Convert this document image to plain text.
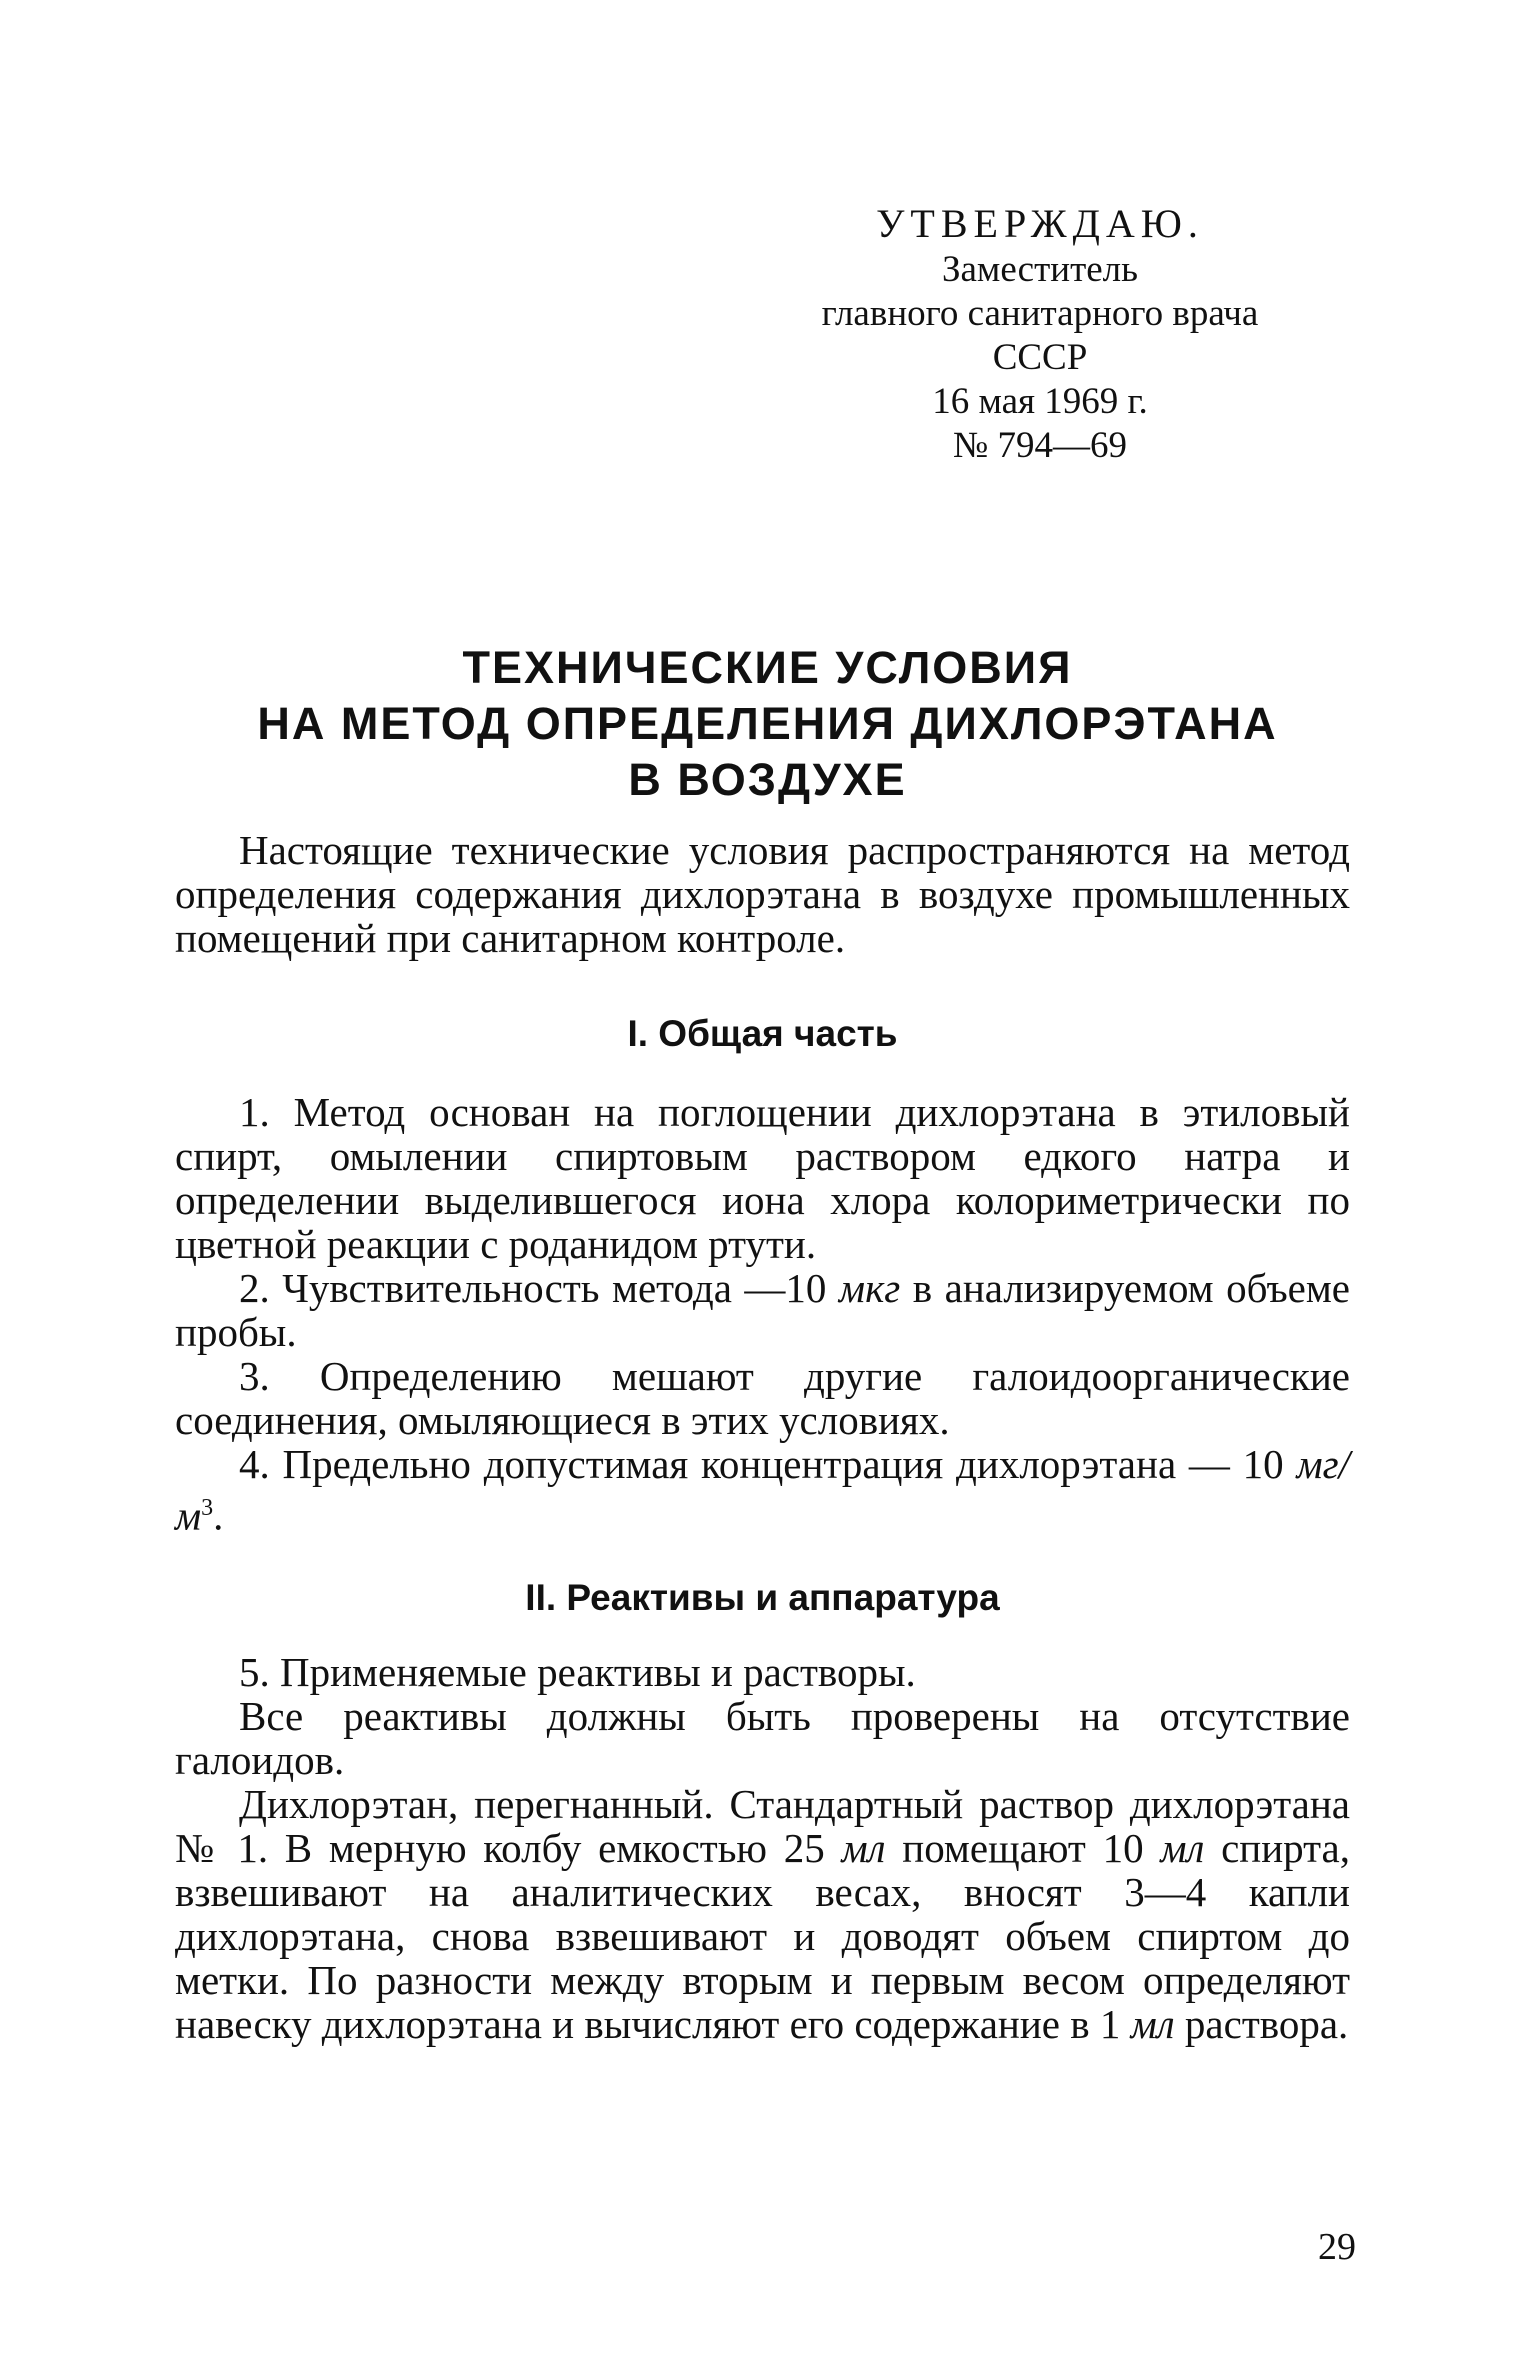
УТВЕРЖДАЮ.
Заместитель
главного санитарного врача
СССР
16 мая 1969 г.
№ 794—69
ТЕХНИЧЕСКИЕ УСЛОВИЯ
НА МЕТОД ОПРЕДЕЛЕНИЯ ДИХЛОРЭТАНА
В ВОЗДУХЕ

Настоящие технические условия распространяются на метод определения содержания дихлорэтана в воздухе промышленных помещений при санитарном контроле.

I. Общая часть

1. Метод основан на поглощении дихлорэтана в этиловый спирт, омылении спиртовым раствором едкого натра и определении выделившегося иона хлора колориметрически по цветной реакции с роданидом ртути.

2. Чувствительность метода —10 мкг в анализируемом объеме пробы.

3. Определению мешают другие галоидоорганические соединения, омыляющиеся в этих условиях.

4. Предельно допустимая концентрация дихлорэтана — 10 $мг/м^3$.

II. Реактивы и аппаратура

5. Применяемые реактивы и растворы.

Все реактивы должны быть проверены на отсутствие галоидов.

Дихлорэтан, перегнанный. Стандартный раствор дихлорэтана № 1. В мерную колбу емкостью 25 мл помещают 10 мл спирта, взвешивают на аналитических весах, вносят 3—4 капли дихлорэтана, снова взвешивают и доводят объем спиртом до метки. По разности между вторым и первым весом определяют навеску дихлорэтана и вычисляют его содержание в 1 мл раствора.

29
